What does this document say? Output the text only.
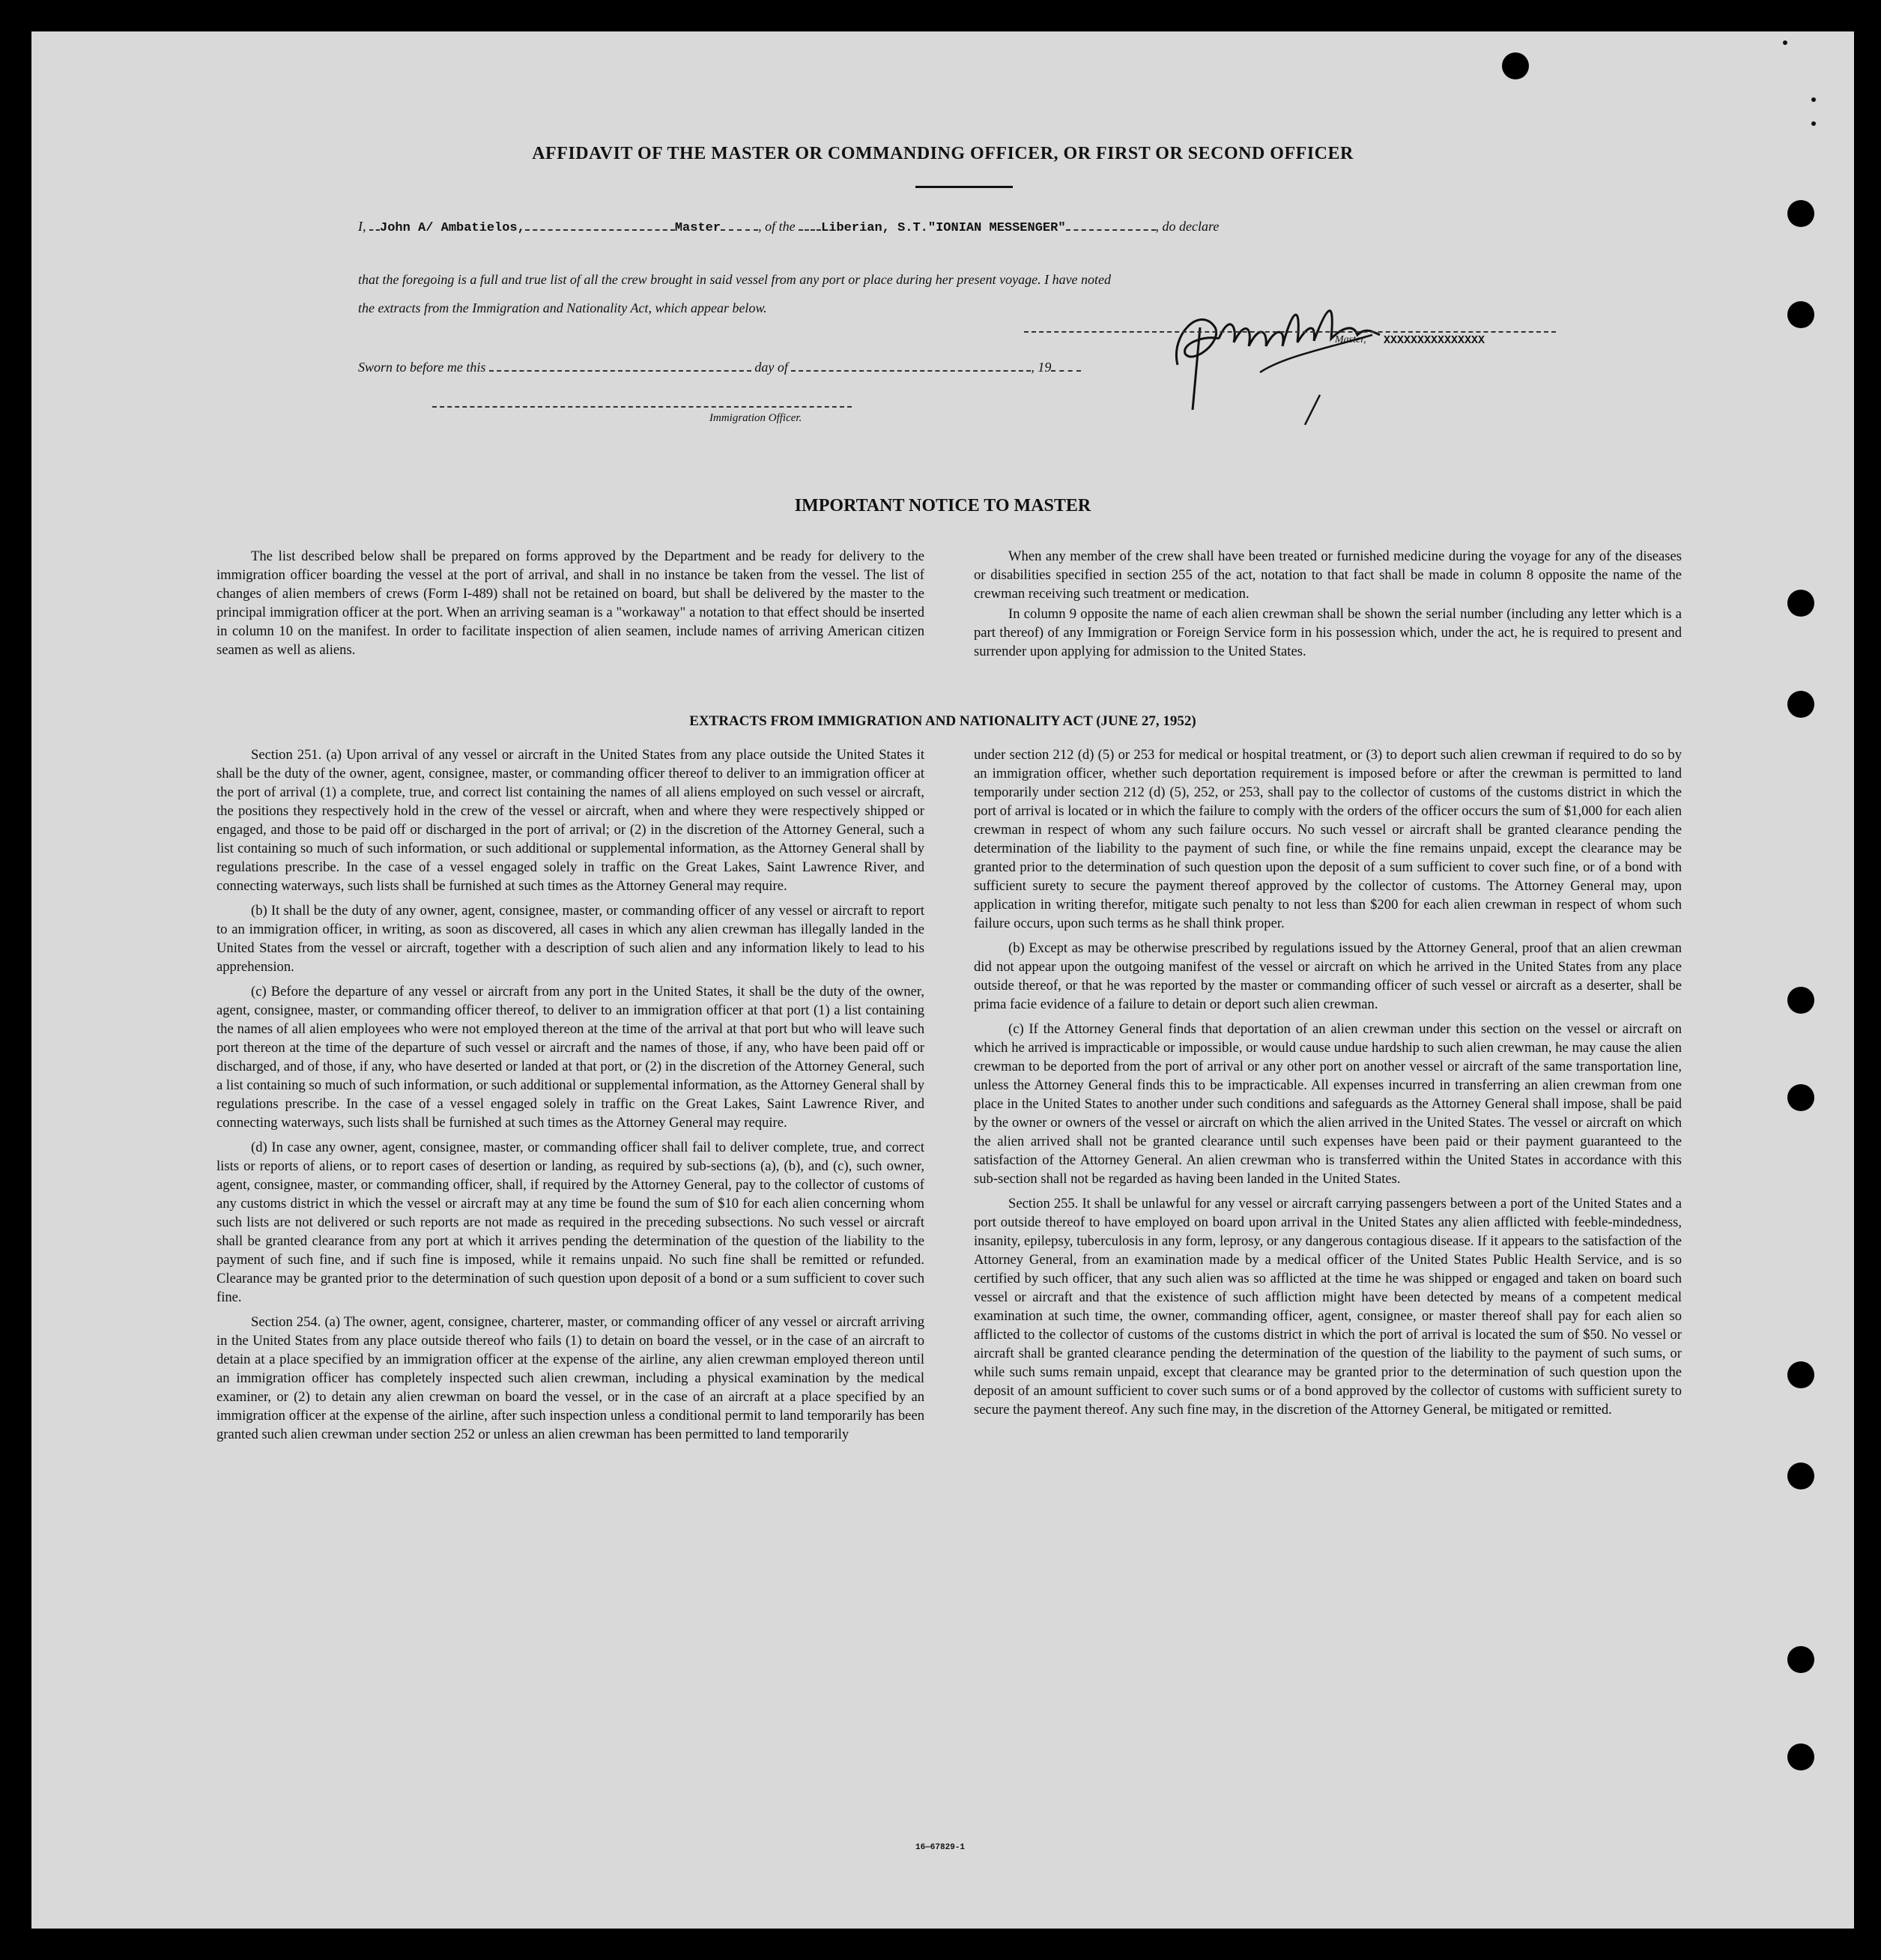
AFFIDAVIT OF THE MASTER OR COMMANDING OFFICER, OR FIRST OR SECOND OFFICER
I, John A/ Ambatielos,	Master	, of the Liberian, S.T."IONIAN MESSENGER"	, do declare
that the foregoing is a full and true list of all the crew brought in said vessel from any port or place during her present voyage. I have noted
the extracts from the Immigration and Nationality Act, which appear below.
Master, XXXXXXXXXXXXXXX
Sworn to before me this	day of	, 19
Immigration Officer.
IMPORTANT NOTICE TO MASTER

The list described below shall be prepared on forms approved by the Department and be ready for delivery to the immigration officer boarding the vessel at the port of arrival, and shall in no instance be taken from the vessel. The list of changes of alien members of crews (Form I-489) shall not be retained on board, but shall be delivered by the master to the principal immigration officer at the port. When an arriving seaman is a "workaway" a notation to that effect should be inserted in column 10 on the manifest. In order to facilitate inspection of alien seamen, include names of arriving American citizen seamen as well as aliens.

When any member of the crew shall have been treated or furnished medicine during the voyage for any of the diseases or disabilities specified in section 255 of the act, notation to that fact shall be made in column 8 opposite the name of the crewman receiving such treatment or medication.

In column 9 opposite the name of each alien crewman shall be shown the serial number (including any letter which is a part thereof) of any Immigration or Foreign Service form in his possession which, under the act, he is required to present and surrender upon applying for admission to the United States.

EXTRACTS FROM IMMIGRATION AND NATIONALITY ACT (JUNE 27, 1952)

Section 251. (a) Upon arrival of any vessel or aircraft in the United States from any place outside the United States it shall be the duty of the owner, agent, consignee, master, or commanding officer thereof to deliver to an immigration officer at the port of arrival (1) a complete, true, and correct list containing the names of all aliens employed on such vessel or aircraft, the positions they respectively hold in the crew of the vessel or aircraft, when and where they were respectively shipped or engaged, and those to be paid off or discharged in the port of arrival; or (2) in the discretion of the Attorney General, such a list containing so much of such information, or such additional or supplemental information, as the Attorney General shall by regulations prescribe. In the case of a vessel engaged solely in traffic on the Great Lakes, Saint Lawrence River, and connecting waterways, such lists shall be furnished at such times as the Attorney General may require.

(b) It shall be the duty of any owner, agent, consignee, master, or commanding officer of any vessel or aircraft to report to an immigration officer, in writing, as soon as discovered, all cases in which any alien crewman has illegally landed in the United States from the vessel or aircraft, together with a description of such alien and any information likely to lead to his apprehension.

(c) Before the departure of any vessel or aircraft from any port in the United States, it shall be the duty of the owner, agent, consignee, master, or commanding officer thereof, to deliver to an immigration officer at that port (1) a list containing the names of all alien employees who were not employed thereon at the time of the arrival at that port but who will leave such port thereon at the time of the departure of such vessel or aircraft and the names of those, if any, who have been paid off or discharged, and of those, if any, who have deserted or landed at that port, or (2) in the discretion of the Attorney General, such a list containing so much of such information, or such additional or supplemental information, as the Attorney General shall by regulations prescribe. In the case of a vessel engaged solely in traffic on the Great Lakes, Saint Lawrence River, and connecting waterways, such lists shall be furnished at such times as the Attorney General may require.

(d) In case any owner, agent, consignee, master, or commanding officer shall fail to deliver complete, true, and correct lists or reports of aliens, or to report cases of desertion or landing, as required by sub-sections (a), (b), and (c), such owner, agent, consignee, master, or commanding officer, shall, if required by the Attorney General, pay to the collector of customs of any customs district in which the vessel or aircraft may at any time be found the sum of $10 for each alien concerning whom such lists are not delivered or such reports are not made as required in the preceding subsections. No such vessel or aircraft shall be granted clearance from any port at which it arrives pending the determination of the question of the liability to the payment of such fine, and if such fine is imposed, while it remains unpaid. No such fine shall be remitted or refunded. Clearance may be granted prior to the determination of such question upon deposit of a bond or a sum sufficient to cover such fine.

Section 254. (a) The owner, agent, consignee, charterer, master, or commanding officer of any vessel or aircraft arriving in the United States from any place outside thereof who fails (1) to detain on board the vessel, or in the case of an aircraft to detain at a place specified by an immigration officer at the expense of the airline, any alien crewman employed thereon until an immigration officer has completely inspected such alien crewman, including a physical examination by the medical examiner, or (2) to detain any alien crewman on board the vessel, or in the case of an aircraft at a place specified by an immigration officer at the expense of the airline, after such inspection unless a conditional permit to land temporarily has been granted such alien crewman under section 252 or unless an alien crewman has been permitted to land temporarily

under section 212 (d) (5) or 253 for medical or hospital treatment, or (3) to deport such alien crewman if required to do so by an immigration officer, whether such deportation requirement is imposed before or after the crewman is permitted to land temporarily under section 212 (d) (5), 252, or 253, shall pay to the collector of customs of the customs district in which the port of arrival is located or in which the failure to comply with the orders of the officer occurs the sum of $1,000 for each alien crewman in respect of whom any such failure occurs. No such vessel or aircraft shall be granted clearance pending the determination of the liability to the payment of such fine, or while the fine remains unpaid, except the clearance may be granted prior to the determination of such question upon the deposit of a sum sufficient to cover such fine, or of a bond with sufficient surety to secure the payment thereof approved by the collector of customs. The Attorney General may, upon application in writing therefor, mitigate such penalty to not less than $200 for each alien crewman in respect of whom such failure occurs, upon such terms as he shall think proper.

(b) Except as may be otherwise prescribed by regulations issued by the Attorney General, proof that an alien crewman did not appear upon the outgoing manifest of the vessel or aircraft on which he arrived in the United States from any place outside thereof, or that he was reported by the master or commanding officer of such vessel or aircraft as a deserter, shall be prima facie evidence of a failure to detain or deport such alien crewman.

(c) If the Attorney General finds that deportation of an alien crewman under this section on the vessel or aircraft on which he arrived is impracticable or impossible, or would cause undue hardship to such alien crewman, he may cause the alien crewman to be deported from the port of arrival or any other port on another vessel or aircraft of the same transportation line, unless the Attorney General finds this to be impracticable. All expenses incurred in transferring an alien crewman from one place in the United States to another under such conditions and safeguards as the Attorney General shall impose, shall be paid by the owner or owners of the vessel or aircraft on which the alien arrived in the United States. The vessel or aircraft on which the alien arrived shall not be granted clearance until such expenses have been paid or their payment guaranteed to the satisfaction of the Attorney General. An alien crewman who is transferred within the United States in accordance with this sub-section shall not be regarded as having been landed in the United States.

Section 255. It shall be unlawful for any vessel or aircraft carrying passengers between a port of the United States and a port outside thereof to have employed on board upon arrival in the United States any alien afflicted with feeble-mindedness, insanity, epilepsy, tuberculosis in any form, leprosy, or any dangerous contagious disease. If it appears to the satisfaction of the Attorney General, from an examination made by a medical officer of the United States Public Health Service, and is so certified by such officer, that any such alien was so afflicted at the time he was shipped or engaged and taken on board such vessel or aircraft and that the existence of such affliction might have been detected by means of a competent medical examination at such time, the owner, commanding officer, agent, consignee, or master thereof shall pay for each alien so afflicted to the collector of customs of the customs district in which the port of arrival is located the sum of $50. No vessel or aircraft shall be granted clearance pending the determination of the question of the liability to the payment of such sums, or while such sums remain unpaid, except that clearance may be granted prior to the determination of such question upon the deposit of an amount sufficient to cover such sums or of a bond approved by the collector of customs with sufficient surety to secure the payment thereof. Any such fine may, in the discretion of the Attorney General, be mitigated or remitted.

16—67829-1
